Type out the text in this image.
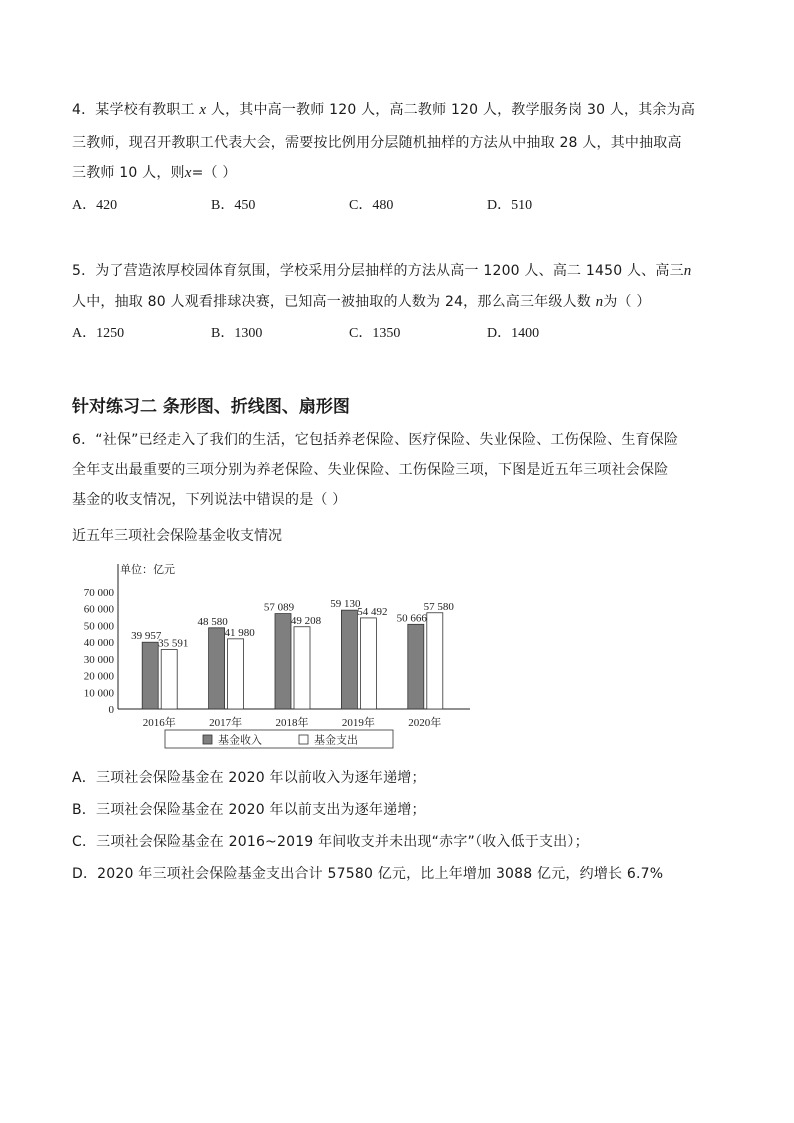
4．某学校有教职工 x 人，其中高一教师 120 人，高二教师 120 人，教学服务岗 30 人，其余为高
三教师，现召开教职工代表大会，需要按比例用分层随机抽样的方法从中抽取 28 人，其中抽取高
三教师 10 人，则x=（ ）
A．420	B．450	C．480	D．510
5．为了营造浓厚校园体育氛围，学校采用分层抽样的方法从高一 1200 人、高二 1450 人、高三n
人中，抽取 80 人观看排球决赛，已知高一被抽取的人数为 24，那么高三年级人数 n为（ ）
A．1250	B．1300	C．1350	D．1400
针对练习二 条形图、折线图、扇形图
6．“社保”已经走入了我们的生活，它包括养老保险、医疗保险、失业保险、工伤保险、生育保险
全年支出最重要的三项分别为养老保险、失业保险、工伤保险三项，下图是近五年三项社会保险
基金的收支情况，下列说法中错误的是（ ）
近五年三项社会保险基金收支情况
0
10 000
20 000
30 000
40 000
50 000
60 000
70 000
单位：亿元
39 957
35 591
2016年
48 580
41 980
2017年
57 089
49 208
2018年
59 130
54 492
2019年
50 666
57 580
2020年
基金收入	基金支出
A．三项社会保险基金在 2020 年以前收入为逐年递增；
B．三项社会保险基金在 2020 年以前支出为逐年递增；
C．三项社会保险基金在 2016~2019 年间收支并未出现“赤字”（收入低于支出）；
D．2020 年三项社会保险基金支出合计 57580 亿元，比上年增加 3088 亿元，约增长 6.7%
